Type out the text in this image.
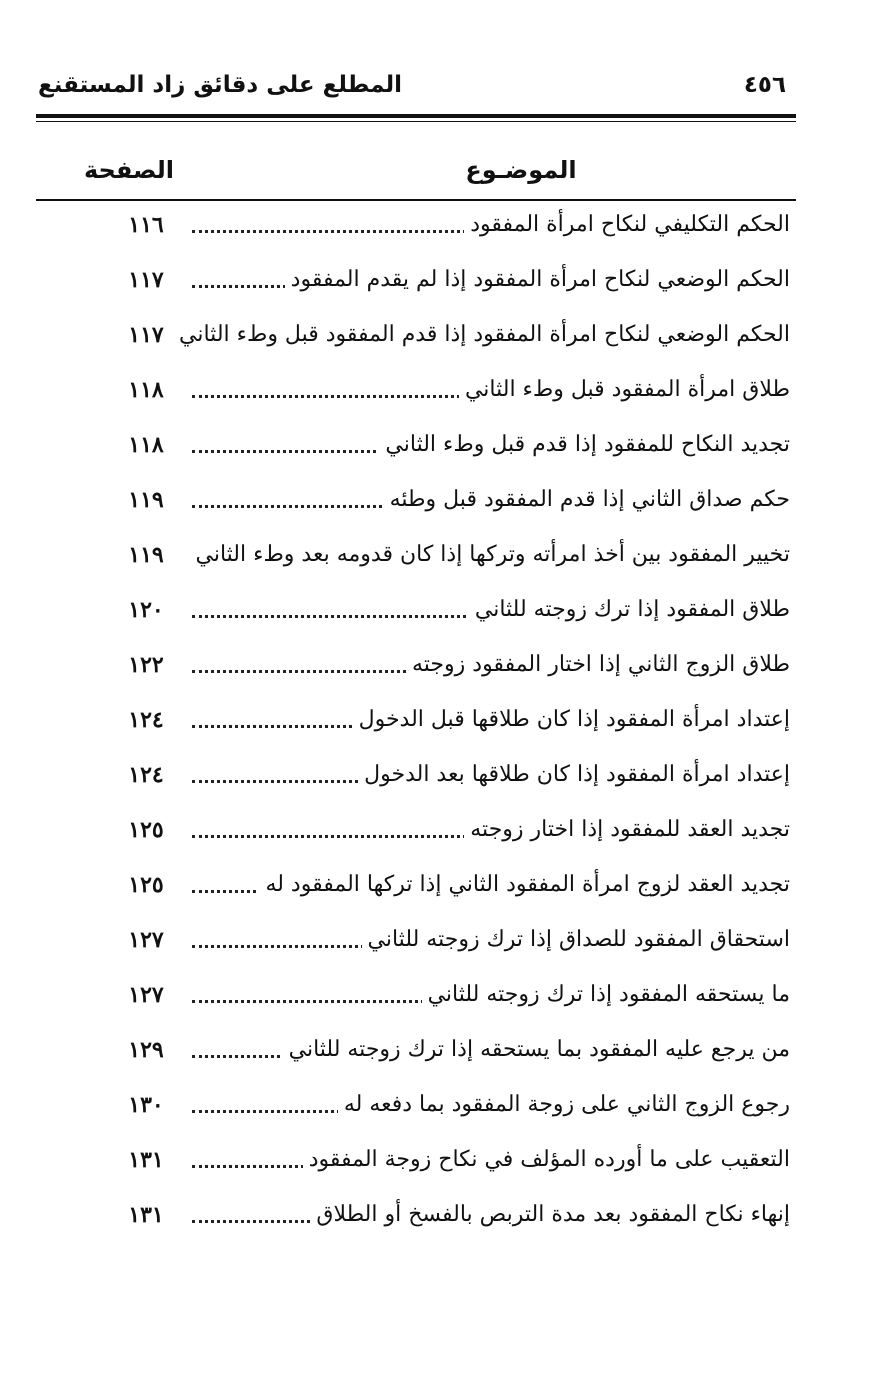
المطلع على دقائق زاد المستقنع	٤٥٦
الموضـوع
الصفحة
الحكم التكليفي لنكاح امرأة المفقود
١١٦
الحكم الوضعي لنكاح امرأة المفقود إذا لم يقدم المفقود
١١٧
الحكم الوضعي لنكاح امرأة المفقود إذا قدم المفقود قبل وطء الثاني
١١٧
طلاق امرأة المفقود قبل وطء الثاني
١١٨
تجديد النكاح للمفقود إذا قدم قبل وطء الثاني
١١٨
حكم صداق الثاني إذا قدم المفقود قبل وطئه
١١٩
تخيير المفقود بين أخذ امرأته وتركها إذا كان قدومه بعد وطء الثاني
١١٩
طلاق المفقود إذا ترك زوجته للثاني
١٢٠
طلاق الزوج الثاني إذا اختار المفقود زوجته
١٢٢
إعتداد امرأة المفقود إذا كان طلاقها قبل الدخول
١٢٤
إعتداد امرأة المفقود إذا كان طلاقها بعد الدخول
١٢٤
تجديد العقد للمفقود إذا اختار زوجته
١٢٥
تجديد العقد لزوج امرأة المفقود الثاني إذا تركها المفقود له
١٢٥
استحقاق المفقود للصداق إذا ترك زوجته للثاني
١٢٧
ما يستحقه المفقود إذا ترك زوجته للثاني
١٢٧
من يرجع عليه المفقود بما يستحقه إذا ترك زوجته للثاني
١٢٩
رجوع الزوج الثاني على زوجة المفقود بما دفعه له
١٣٠
التعقيب على ما أورده المؤلف في نكاح زوجة المفقود
١٣١
إنهاء نكاح المفقود بعد مدة التربص بالفسخ أو الطلاق
١٣١
